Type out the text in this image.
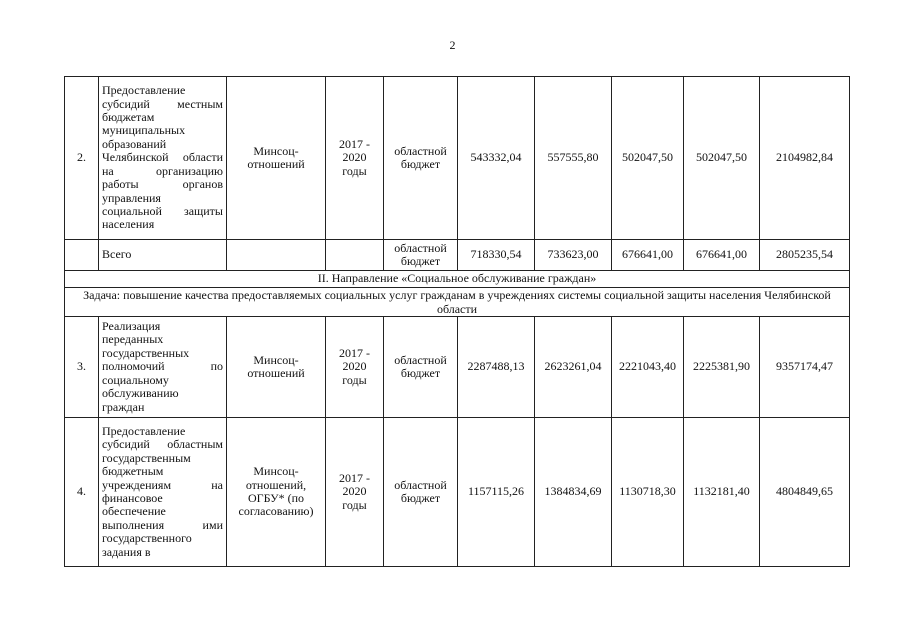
2
2.	Предоставление субсидий местным бюджетам муниципальных образований Челябинской области на организацию работы органов управления социальной защиты населения	Минсоц-отношений	2017 - 2020 годы	областной бюджет	543332,04	557555,80	502047,50	502047,50	2104982,84
	Всего			областной бюджет	718330,54	733623,00	676641,00	676641,00	2805235,54
II. Направление «Социальное обслуживание граждан»									
Задача: повышение качества предоставляемых социальных услуг гражданам в учреждениях системы социальной защиты населения Челябинской области									
3.	Реализация переданных государственных полномочий по социальному обслуживанию граждан	Минсоц-отношений	2017 - 2020 годы	областной бюджет	2287488,13	2623261,04	2221043,40	2225381,90	9357174,47
4.	Предоставление субсидий областным государственным бюджетным учреждениям на финансовое обеспечение выполнения ими государственного задания в	Минсоц-отношений, ОГБУ* (по согласованию)	2017 - 2020 годы	областной бюджет	1157115,26	1384834,69	1130718,30	1132181,40	4804849,65
